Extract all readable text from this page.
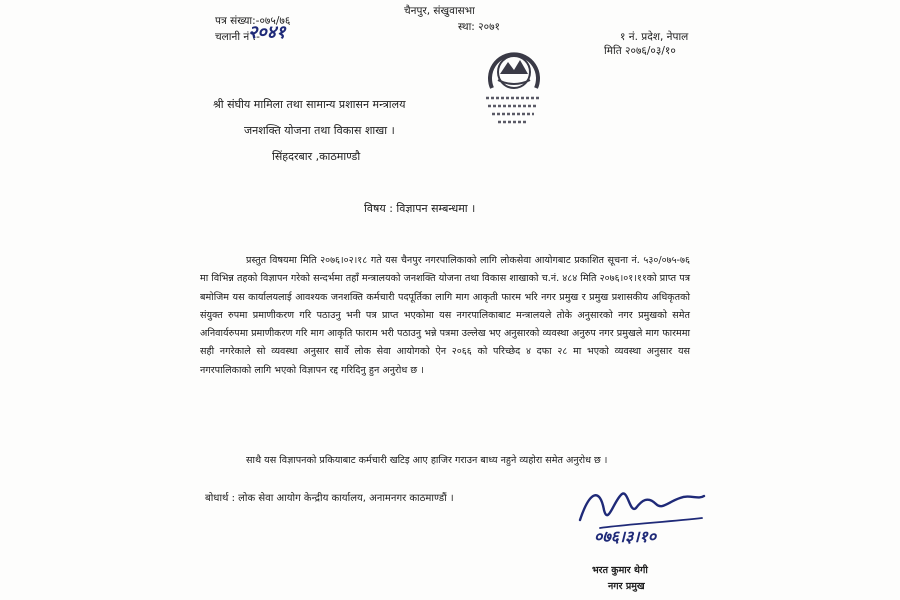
चैनपुर, संखुवासभा
स्था: २०७१
पत्र संख्या:-०७५/७६
चलानी नं :-
२०४१	१ नं. प्रदेश, नेपाल
मिति २०७६/०३/१०
श्री संघीय मामिला तथा सामान्य प्रशासन मन्त्रालय
जनशक्ति योजना तथा विकास शाखा ।
सिंहदरबार ,काठमाण्डौ
विषय : विज्ञापन सम्बन्धमा ।
प्रस्तुत विषयमा मिति २०७६।०२।१८ गते यस चैनपुर नगरपालिकाको लागि लोकसेवा आयोगबाट प्रकाशित सूचना नं. ५३०/०७५-७६ मा विभिन्न तहको विज्ञापन गरेको सन्दर्भमा तहाँ मन्त्रालयको जनशक्ति योजना तथा विकास शाखाको च.नं. ४८४ मिति २०७६।०१।११को प्राप्त पत्र बमोजिम यस कार्यालयलाई आवश्यक जनशक्ति कर्मचारी पदपूर्तिका लागि माग आकृती फारम भरि नगर प्रमुख र प्रमुख प्रशासकीय अधिकृतको संयुक्त रुपमा प्रमाणीकरण गरि पठाउनु भनी पत्र प्राप्त भएकोमा यस नगरपालिकाबाट मन्त्रालयले तोके अनुसारको नगर प्रमुखको समेत अनिवार्यरुपमा प्रमाणीकरण गरि माग आकृति फाराम भरी पठाउनु भन्ने पत्रमा उल्लेख भए अनुसारको व्यवस्था अनुरुप नगर प्रमुखले माग फारममा सही नगरेकाले सो व्यवस्था अनुसार सार्वे लोक सेवा आयोगको ऐन २०६६ को परिच्छेद ४ दफा २८ मा भएको व्यवस्था अनुसार यस नगरपालिकाको लागि भएको विज्ञापन रद्द गरिदिनु हुन अनुरोध छ ।
साथै यस विज्ञापनको प्रकियाबाट कर्मचारी खटिइ आए हाजिर गराउन बाध्य नहुने व्यहोरा समेत अनुरोध छ ।
बोधार्थ : लोक सेवा आयोग केन्द्रीय कार्यालय, अनामनगर काठमाण्डौं ।
०७६।३।१०
भरत कुमार थेगी
नगर प्रमुख
